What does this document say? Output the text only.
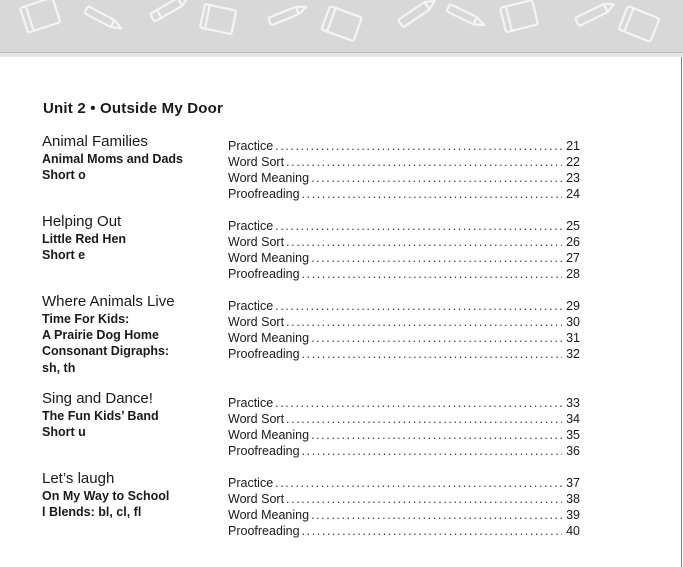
Unit 2 • Outside My Door
Animal Families
Animal Moms and Dads
Short o
Practice .....	21
Word Sort .....	22
Word Meaning .....	23
Proofreading .....	24
Helping Out
Little Red Hen
Short e
Practice .....	25
Word Sort .....	26
Word Meaning .....	27
Proofreading .....	28
Where Animals Live
Time For Kids:
A Prairie Dog Home
Consonant Digraphs:
sh, th
Practice .....	29
Word Sort .....	30
Word Meaning .....	31
Proofreading .....	32
Sing and Dance!
The Fun Kids’ Band
Short u
Practice .....	33
Word Sort .....	34
Word Meaning .....	35
Proofreading .....	36
Let’s laugh
On My Way to School
l Blends: bl, cl, fl
Practice .....	37
Word Sort .....	38
Word Meaning .....	39
Proofreading .....	40
